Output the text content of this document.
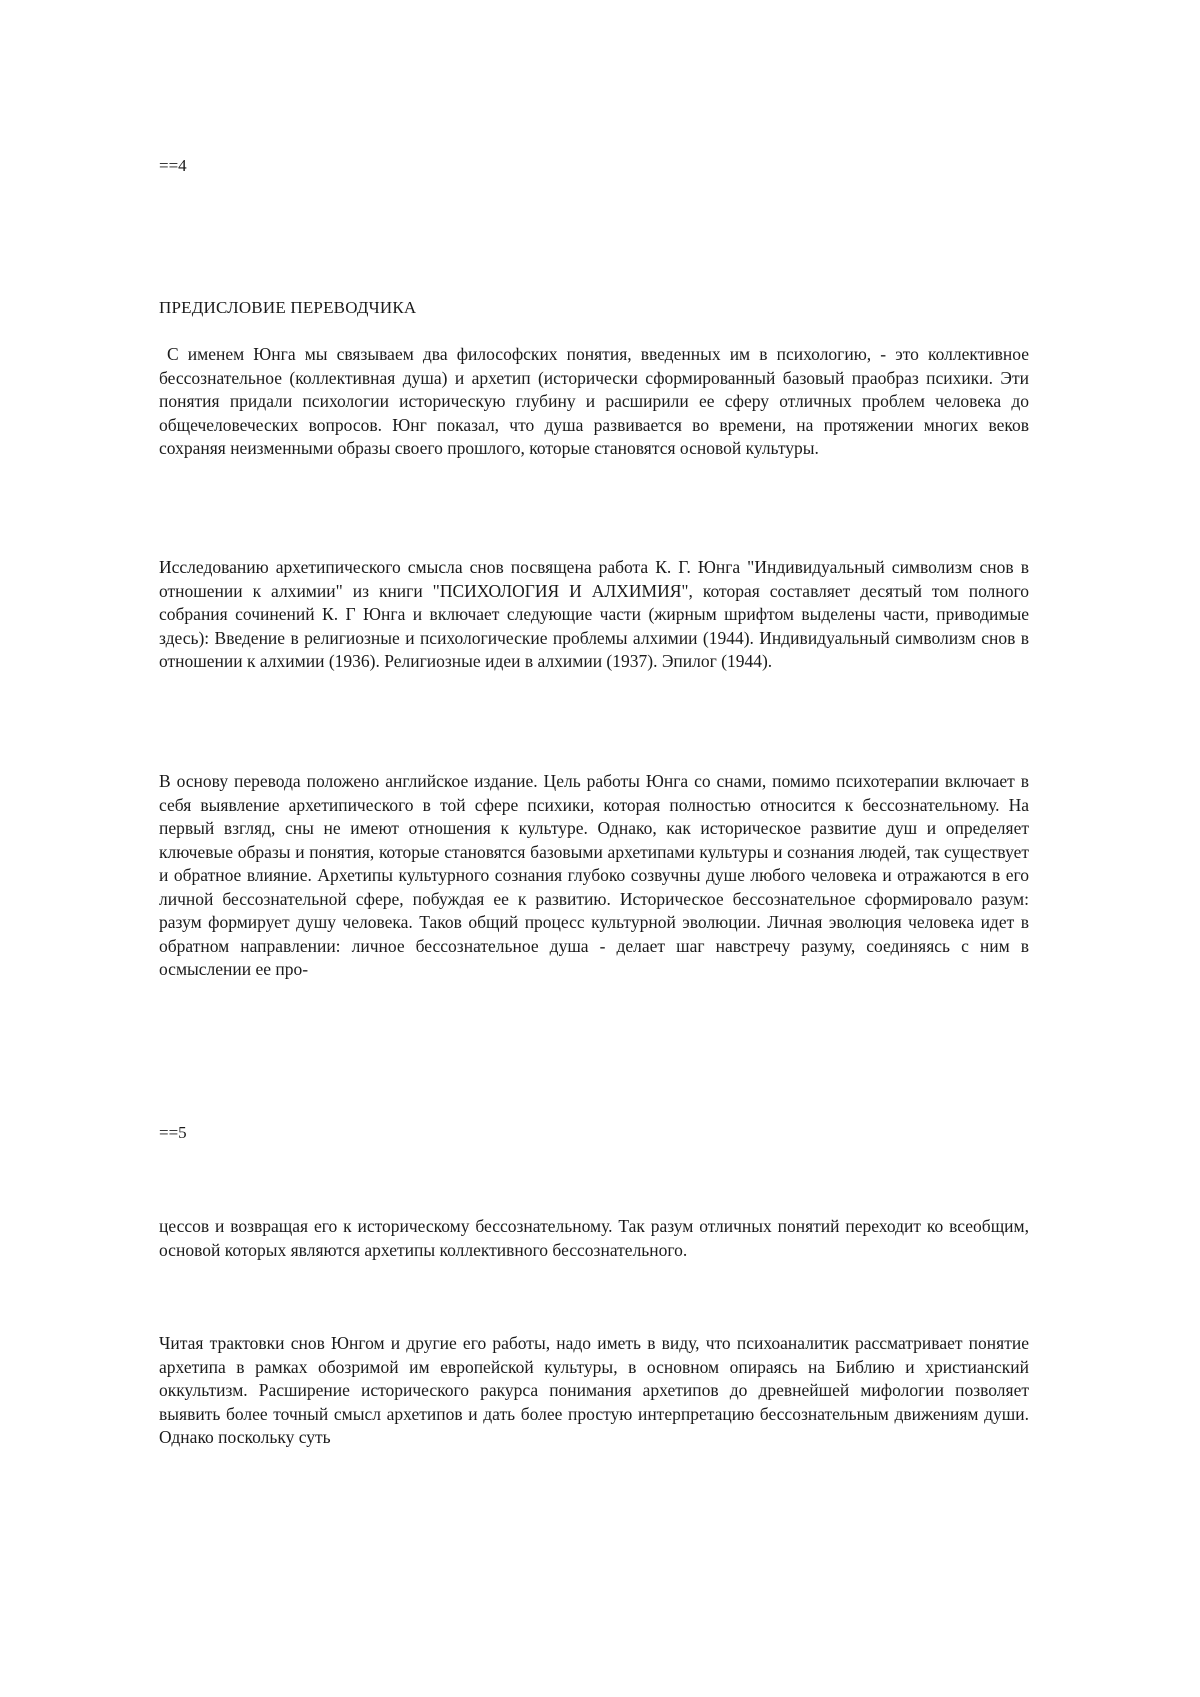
==4

ПРЕДИСЛОВИЕ ПЕРЕВОДЧИКА

С именем Юнга мы связываем два философских понятия, введенных им в психологию, - это коллективное бессознательное (коллективная душа) и архетип (исторически сформированный базовый праобраз психики. Эти понятия придали психологии историческую глубину и расширили ее сферу отличных проблем человека до общечеловеческих вопросов. Юнг показал, что душа развивается во времени, на протяжении многих веков сохраняя неизменными образы своего прошлого, которые становятся основой культуры.

Исследованию архетипического смысла снов посвящена работа К. Г. Юнга "Индивидуальный символизм снов в отношении к алхимии" из книги "ПСИХОЛОГИЯ И АЛХИМИЯ", которая составляет десятый том полного собрания сочинений К. Г Юнга и включает следующие части (жирным шрифтом выделены части, приводимые здесь): Введение в религиозные и психологические проблемы алхимии (1944). Индивидуальный символизм снов в отношении к алхимии (1936). Религиозные идеи в алхимии (1937). Эпилог (1944).

В основу перевода положено английское издание. Цель работы Юнга со снами, помимо психотерапии включает в себя выявление архетипического в той сфере психики, которая полностью относится к бессознательному. На первый взгляд, сны не имеют отношения к культуре. Однако, как историческое развитие душ и определяет ключевые образы и понятия, которые становятся базовыми архетипами культуры и сознания людей, так существует и обратное влияние. Архетипы культурного сознания глубоко созвучны душе любого человека и отражаются в его личной бессознательной сфере, побуждая ее к развитию. Историческое бессознательное сформировало разум: разум формирует душу человека. Таков общий процесс культурной эволюции. Личная эволюция человека идет в обратном направлении: личное бессознательное душа - делает шаг навстречу разуму, соединяясь с ним в осмыслении ее про-

==5

цессов и возвращая его к историческому бессознательному. Так разум отличных понятий переходит ко всеобщим, основой которых являются архетипы коллективного бессознательного.

Читая трактовки снов Юнгом и другие его работы, надо иметь в виду, что психоаналитик рассматривает понятие архетипа в рамках обозримой им европейской культуры, в основном опираясь на Библию и христианский оккультизм. Расширение исторического ракурса понимания архетипов до древнейшей мифологии позволяет выявить более точный смысл архетипов и дать более простую интерпретацию бессознательным движениям души. Однако поскольку суть
